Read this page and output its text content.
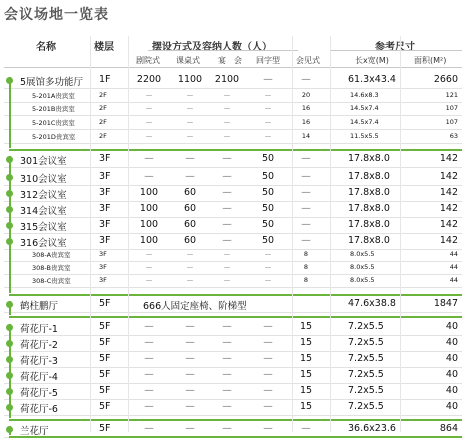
会议场地一览表
名称	楼层	摆设方式及容纳人数（人）	参考尺寸
剧院式 课桌式 宴　会 回字型 会见式	长x宽(M)	面积(M²)
5展馆多功能厅 1F	2200	1100	2100	—	—	61.3x43.4	2660
5-201A贵宾室	2F	—	—	—	—	20	14.6x8.3	121
5-201B贵宾室	2F	—	—	—	—	16	14.5x7.4	107
5-201C贵宾室	2F	—	—	—	—	16	14.5x7.4	107
5-201D贵宾室	2F	—	—	—	—	14	11.5x5.5	63
301会议室	3F	—	—	—	50	—	17.8x8.0	142
310会议室	3F	—	—	—	50	—	17.8x8.0	142
312会议室	3F	100	60	—	50	—	17.8x8.0	142
314会议室	3F	100	60	—	50	—	17.8x8.0	142
315会议室	3F	100	60	—	50	—	17.8x8.0	142
316会议室	3F	100	60	—	50	—	17.8x8.0	142
308-A贵宾室	3F	—	—	—	—	8	8.0x5.5	44
308-B贵宾室	3F	—	—	—	—	8	8.0x5.5	44
308-C贵宾室	3F	—	—	—	—	8	8.0x5.5	44
鹤柱鹏厅	5F	666人固定座椅、阶梯型	47.6x38.8	1847
荷花厅-1	5F	—	—	—	—	15	7.2x5.5	40
荷花厅-2	5F	—	—	—	—	15	7.2x5.5	40
荷花厅-3	5F	—	—	—	—	15	7.2x5.5	40
荷花厅-4	5F	—	—	—	—	15	7.2x5.5	40
荷花厅-5	5F	—	—	—	—	15	7.2x5.5	40
荷花厅-6	5F	—	—	—	—	15	7.2x5.5	40
兰花厅	5F	—	—	—	—	—	36.6x23.6	864
